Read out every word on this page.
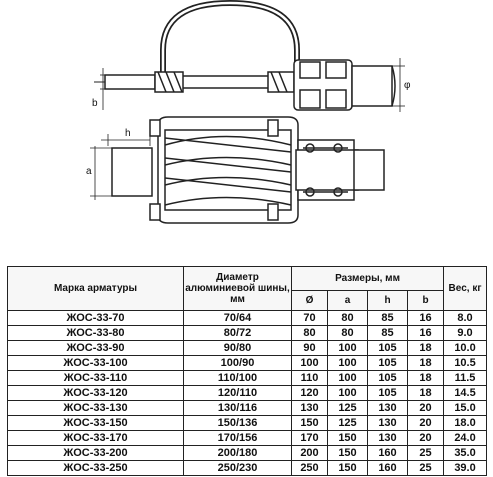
b
φ
h
a
Марка арматуры	Диаметр алюминиевой шины, мм	Размеры, мм				Вес, кг
		Ø	a	h	b	
ЖОС-33-70	70/64	70	80	85	16	8.0
ЖОС-33-80	80/72	80	80	85	16	9.0
ЖОС-33-90	90/80	90	100	105	18	10.0
ЖОС-33-100	100/90	100	100	105	18	10.5
ЖОС-33-110	110/100	110	100	105	18	11.5
ЖОС-33-120	120/110	120	100	105	18	14.5
ЖОС-33-130	130/116	130	125	130	20	15.0
ЖОС-33-150	150/136	150	125	130	20	18.0
ЖОС-33-170	170/156	170	150	130	20	24.0
ЖОС-33-200	200/180	200	150	160	25	35.0
ЖОС-33-250	250/230	250	150	160	25	39.0
